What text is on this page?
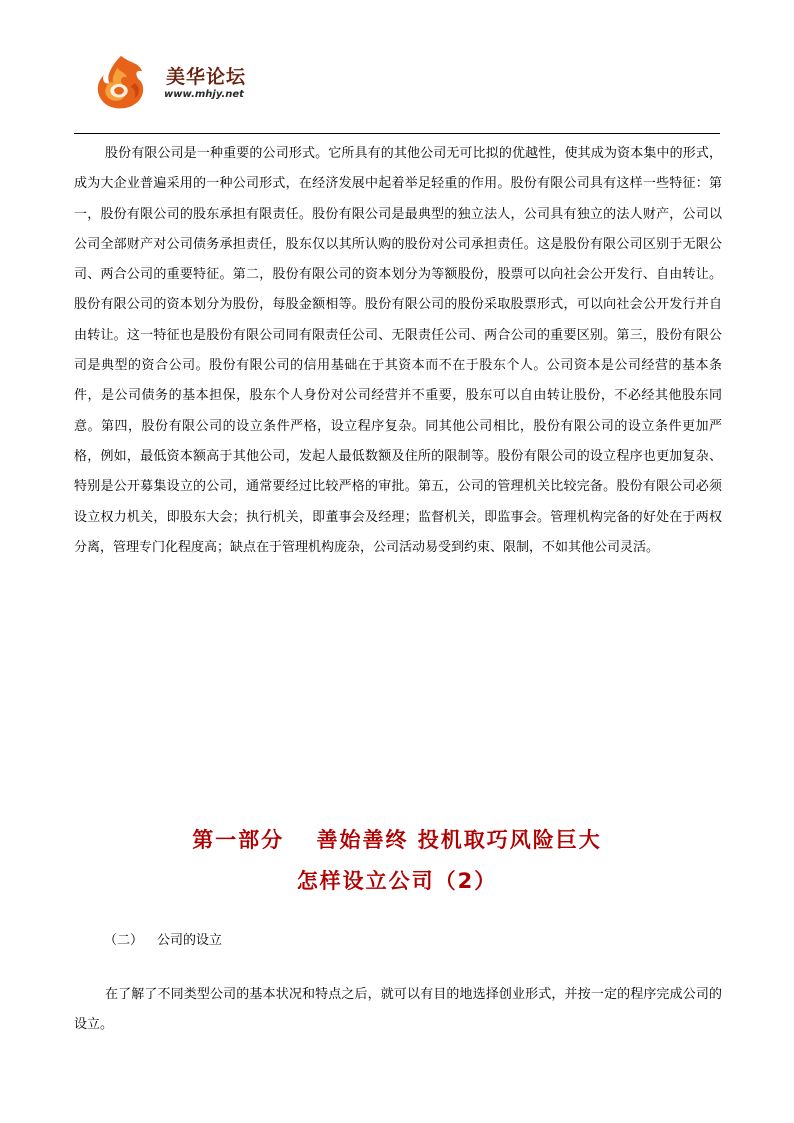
美华论坛
www.mhjy.net

股份有限公司是一种重要的公司形式。它所具有的其他公司无可比拟的优越性，使其成为资本集中的形式，成为大企业普遍采用的一种公司形式，在经济发展中起着举足轻重的作用。股份有限公司具有这样一些特征：第一，股份有限公司的股东承担有限责任。股份有限公司是最典型的独立法人，公司具有独立的法人财产，公司以公司全部财产对公司债务承担责任，股东仅以其所认购的股份对公司承担责任。这是股份有限公司区别于无限公司、两合公司的重要特征。第二，股份有限公司的资本划分为等额股份，股票可以向社会公开发行、自由转让。股份有限公司的资本划分为股份，每股金额相等。股份有限公司的股份采取股票形式，可以向社会公开发行并自由转让。这一特征也是股份有限公司同有限责任公司、无限责任公司、两合公司的重要区别。第三，股份有限公司是典型的资合公司。股份有限公司的信用基础在于其资本而不在于股东个人。公司资本是公司经营的基本条件，是公司债务的基本担保，股东个人身份对公司经营并不重要，股东可以自由转让股份，不必经其他股东同意。第四，股份有限公司的设立条件严格，设立程序复杂。同其他公司相比，股份有限公司的设立条件更加严格，例如，最低资本额高于其他公司，发起人最低数额及住所的限制等。股份有限公司的设立程序也更加复杂、特别是公开募集设立的公司，通常要经过比较严格的审批。第五，公司的管理机关比较完备。股份有限公司必须设立权力机关，即股东大会；执行机关，即董事会及经理；监督机关，即监事会。管理机构完备的好处在于两权分离，管理专门化程度高；缺点在于管理机构庞杂，公司活动易受到约束、限制，不如其他公司灵活。

第一部分　 善始善终 投机取巧风险巨大
怎样设立公司（2）

（二） 公司的设立

在了解了不同类型公司的基本状况和特点之后，就可以有目的地选择创业形式，并按一定的程序完成公司的设立。
